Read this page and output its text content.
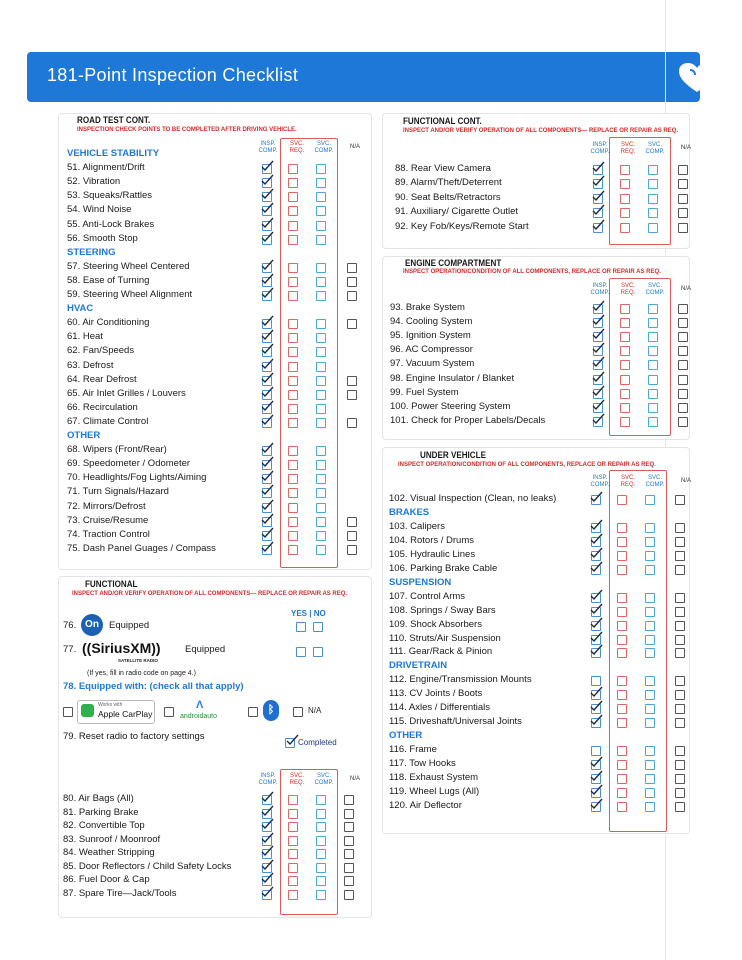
181-Point Inspection Checklist
ROAD TEST CONT.
INSPECTION CHECK POINTS TO BE COMPLETED AFTER DRIVING VEHICLE.
INSP. COMP.
SVC. REQ.
SVC. COMP.
N/A
VEHICLE STABILITY
51. Alignment/Drift
52. Vibration
53. Squeaks/Rattles
54. Wind Noise
55. Anti-Lock Brakes
56. Smooth Stop
STEERING
57. Steering Wheel Centered
58. Ease of Turning
59. Steering Wheel Alignment
HVAC
60. Air Conditioning
61. Heat
62. Fan/Speeds
63. Defrost
64. Rear Defrost
65. Air Inlet Grilles / Louvers
66. Recirculation
67. Climate Control
OTHER
68. Wipers (Front/Rear)
69. Speedometer / Odometer
70. Headlights/Fog Lights/Aiming
71. Turn Signals/Hazard
72. Mirrors/Defrost
73. Cruise/Resume
74. Traction Control
75. Dash Panel Guages / Compass
FUNCTIONAL
INSPECT AND/OR VERIFY OPERATION OF ALL COMPONENTS— REPLACE OR REPAIR AS REQ.
YES | NO
76. On	Equipped
77. ((SiriusXM))
SATELLITE RADIO
Equipped
(If yes, fill in radio code on page 4.)
78. Equipped with: (check all that apply)
Works with
Apple CarPlay
Λ
androidauto
ᛒ	N/A
79. Reset radio to factory settings
Completed
INSP. COMP.
SVC. REQ.
SVC. COMP.
N/A
80. Air Bags (All)
81. Parking Brake
82. Convertible Top
83. Sunroof / Moonroof
84. Weather Stripping
85. Door Reflectors / Child Safety Locks
86. Fuel Door & Cap
87. Spare Tire—Jack/Tools
FUNCTIONAL CONT.
INSPECT AND/OR VERIFY OPERATION OF ALL COMPONENTS— REPLACE OR REPAIR AS REQ.
INSP. COMP.
SVC. REQ.
SVC. COMP.
N/A
88. Rear View Camera
89. Alarm/Theft/Deterrent
90. Seat Belts/Retractors
91. Auxiliary/ Cigarette Outlet
92. Key Fob/Keys/Remote Start
ENGINE COMPARTMENT
INSPECT OPERATION/CONDITION OF ALL COMPONENTS, REPLACE OR REPAIR AS REQ.
INSP. COMP.
SVC. REQ.
SVC. COMP.
N/A
93. Brake System
94. Cooling System
95. Ignition System
96. AC Compressor
97. Vacuum System
98. Engine Insulator / Blanket
99. Fuel System
100. Power Steering System
101. Check for Proper Labels/Decals
UNDER VEHICLE
INSPECT OPERATION/CONDITION OF ALL COMPONENTS, REPLACE OR REPAIR AS REQ.
INSP. COMP.
SVC. REQ.
SVC. COMP.
N/A
102. Visual Inspection (Clean, no leaks)
BRAKES
103. Calipers
104. Rotors / Drums
105. Hydraulic Lines
106. Parking Brake Cable
SUSPENSION
107. Control Arms
108. Springs / Sway Bars
109. Shock Absorbers
110. Struts/Air Suspension
111. Gear/Rack & Pinion
DRIVETRAIN
112. Engine/Transmission Mounts
113. CV Joints / Boots
114. Axles / Differentials
115. Driveshaft/Universal Joints
OTHER
116. Frame
117. Tow Hooks
118. Exhaust System
119. Wheel Lugs (All)
120. Air Deflector
